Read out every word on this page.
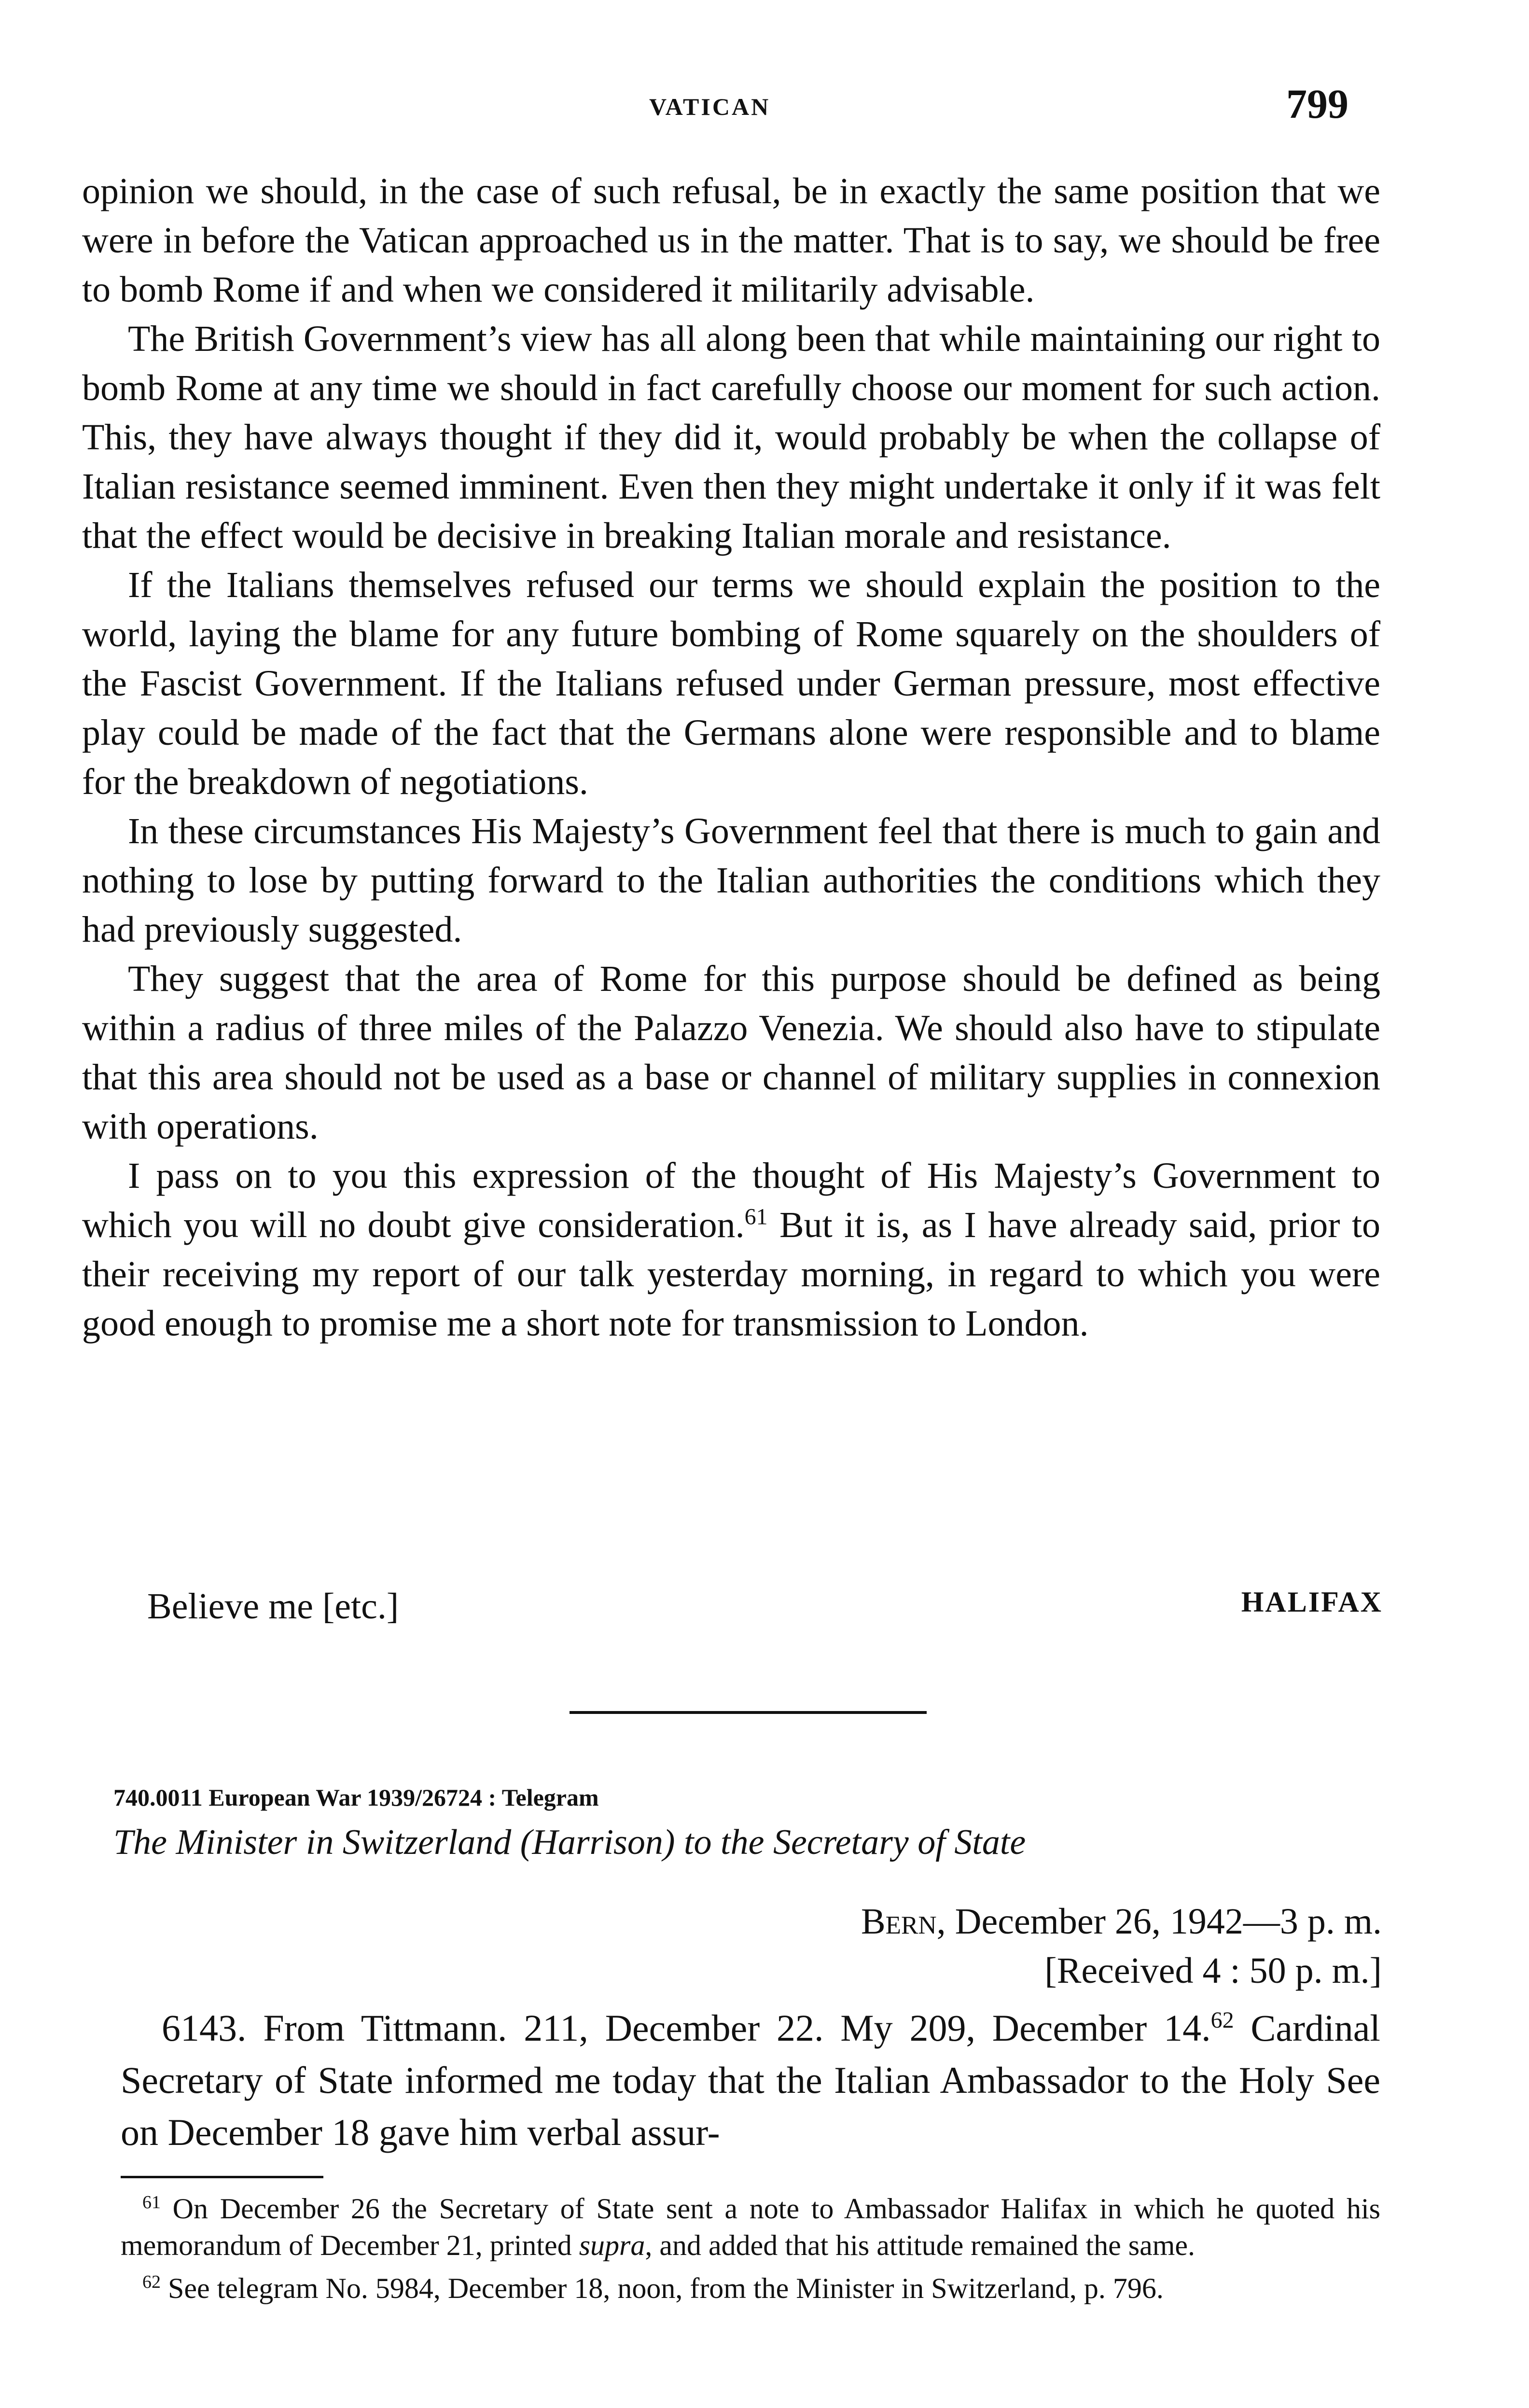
VATICAN	799

opinion we should, in the case of such refusal, be in exactly the same position that we were in before the Vatican approached us in the matter. That is to say, we should be free to bomb Rome if and when we considered it militarily advisable.

The British Government’s view has all along been that while maintaining our right to bomb Rome at any time we should in fact carefully choose our moment for such action. This, they have always thought if they did it, would probably be when the collapse of Italian resistance seemed imminent. Even then they might undertake it only if it was felt that the effect would be decisive in breaking Italian morale and resistance.

If the Italians themselves refused our terms we should explain the position to the world, laying the blame for any future bombing of Rome squarely on the shoulders of the Fascist Government. If the Italians refused under German pressure, most effective play could be made of the fact that the Germans alone were responsible and to blame for the breakdown of negotiations.

In these circumstances His Majesty’s Government feel that there is much to gain and nothing to lose by putting forward to the Italian authorities the conditions which they had previously suggested.

They suggest that the area of Rome for this purpose should be defined as being within a radius of three miles of the Palazzo Venezia. We should also have to stipulate that this area should not be used as a base or channel of military supplies in connexion with operations.

I pass on to you this expression of the thought of His Majesty’s Government to which you will no doubt give consideration.$^{61}$ But it is, as I have already said, prior to their receiving my report of our talk yesterday morning, in regard to which you were good enough to promise me a short note for transmission to London.

Believe me [etc.]	HALIFAX
740.0011 European War 1939/26724 : Telegram
The Minister in Switzerland (Harrison) to the Secretary of State
Bern, December 26, 1942—3 p. m.
[Received 4 : 50 p. m.]

6143. From Tittmann. 211, December 22. My 209, December 14.62 Cardinal Secretary of State informed me today that the Italian Ambassador to the Holy See on December 18 gave him verbal assur-

$^{61}$ On December 26 the Secretary of State sent a note to Ambassador Halifax in which he quoted his memorandum of December 21, printed supra, and added that his attitude remained the same.

$^{62}$ See telegram No. 5984, December 18, noon, from the Minister in Switzerland, p. 796.
